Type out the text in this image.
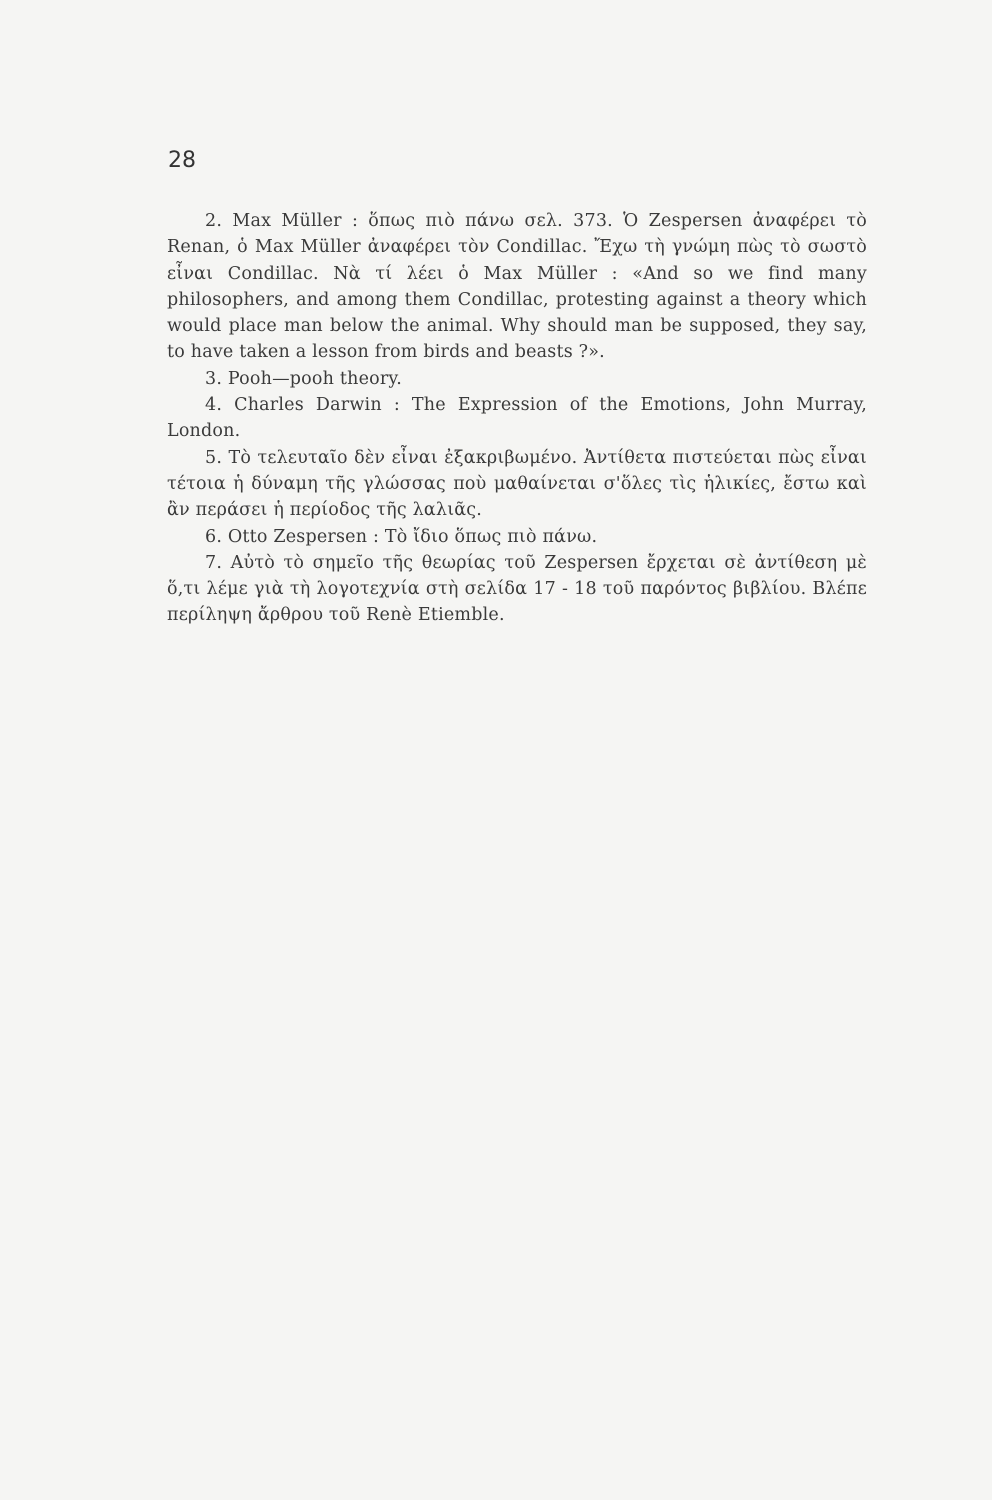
28

2. Max Müller : ὅπως πιὸ πάνω σελ. 373. Ὁ Zespersen ἀναφέρει τὸ Renan, ὁ Max Müller ἀναφέρει τὸν Condillac. Ἔχω τὴ γνώμη πὼς τὸ σωστὸ εἶναι Condillac. Νὰ τί λέει ὁ Max Müller : «And so we find many philosophers, and among them Condillac, protesting against a theory which would place man below the animal. Why should man be supposed, they say, to have taken a lesson from birds and beasts ?».

3. Pooh—pooh theory.

4. Charles Darwin : The Expression of the Emotions, John Murray, London.

5. Τὸ τελευταῖο δὲν εἶναι ἐξακριβωμένο. Ἀντίθετα πιστεύεται πὼς εἶναι τέτοια ἡ δύναμη τῆς γλώσσας ποὺ μαθαίνεται σ'ὅλες τὶς ἡλικίες, ἔστω καὶ ἂν περάσει ἡ περίοδος τῆς λαλιᾶς.

6. Otto Zespersen : Τὸ ἴδιο ὅπως πιὸ πάνω.

7. Αὐτὸ τὸ σημεῖο τῆς θεωρίας τοῦ Zespersen ἔρχεται σὲ ἀντίθεση μὲ ὅ,τι λέμε γιὰ τὴ λογοτεχνία στὴ σελίδα 17 - 18 τοῦ παρόντος βιβλίου. Βλέπε περίληψη ἄρθρου τοῦ Renè Etiemble.
